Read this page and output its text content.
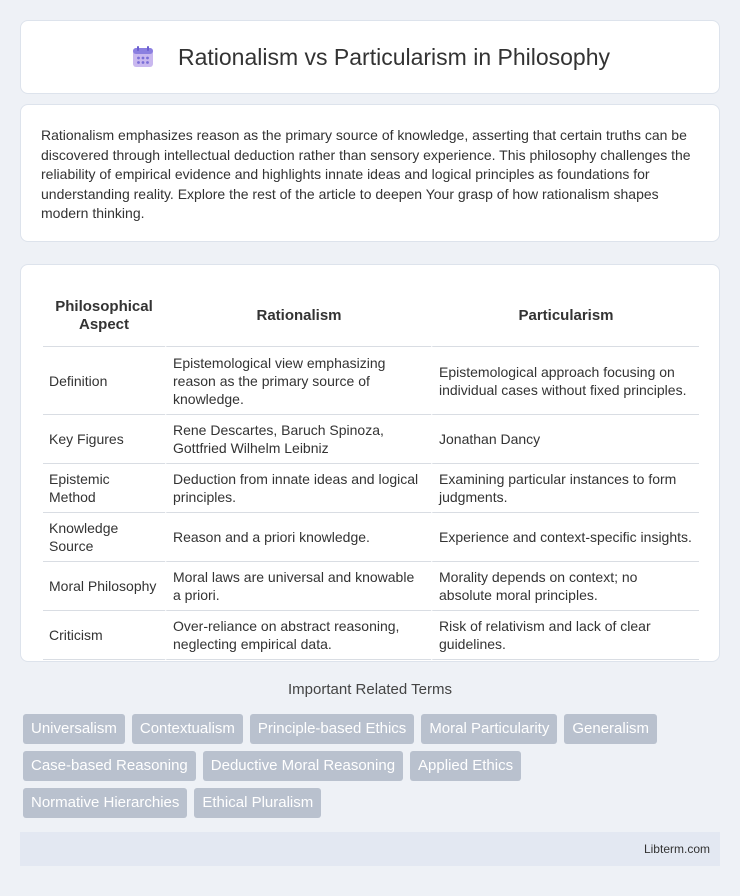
Rationalism vs Particularism in Philosophy

Rationalism emphasizes reason as the primary source of knowledge, asserting that certain truths can be discovered through intellectual deduction rather than sensory experience. This philosophy challenges the reliability of empirical evidence and highlights innate ideas and logical principles as foundations for understanding reality. Explore the rest of the article to deepen Your grasp of how rationalism shapes modern thinking.

Philosophical Aspect	Rationalism	Particularism
Definition	Epistemological view emphasizing reason as the primary source of knowledge.	Epistemological approach focusing on individual cases without fixed principles.
Key Figures	Rene Descartes, Baruch Spinoza, Gottfried Wilhelm Leibniz	Jonathan Dancy
Epistemic Method	Deduction from innate ideas and logical principles.	Examining particular instances to form judgments.
Knowledge Source	Reason and a priori knowledge.	Experience and context-specific insights.
Moral Philosophy	Moral laws are universal and knowable a priori.	Morality depends on context; no absolute moral principles.
Criticism	Over-reliance on abstract reasoning, neglecting empirical data.	Risk of relativism and lack of clear guidelines.
Important Related Terms
Universalism	Contextualism	Principle-based Ethics	Moral Particularity	Generalism
Case-based Reasoning	Deductive Moral Reasoning	Applied Ethics
Normative Hierarchies	Ethical Pluralism
Libterm.com
